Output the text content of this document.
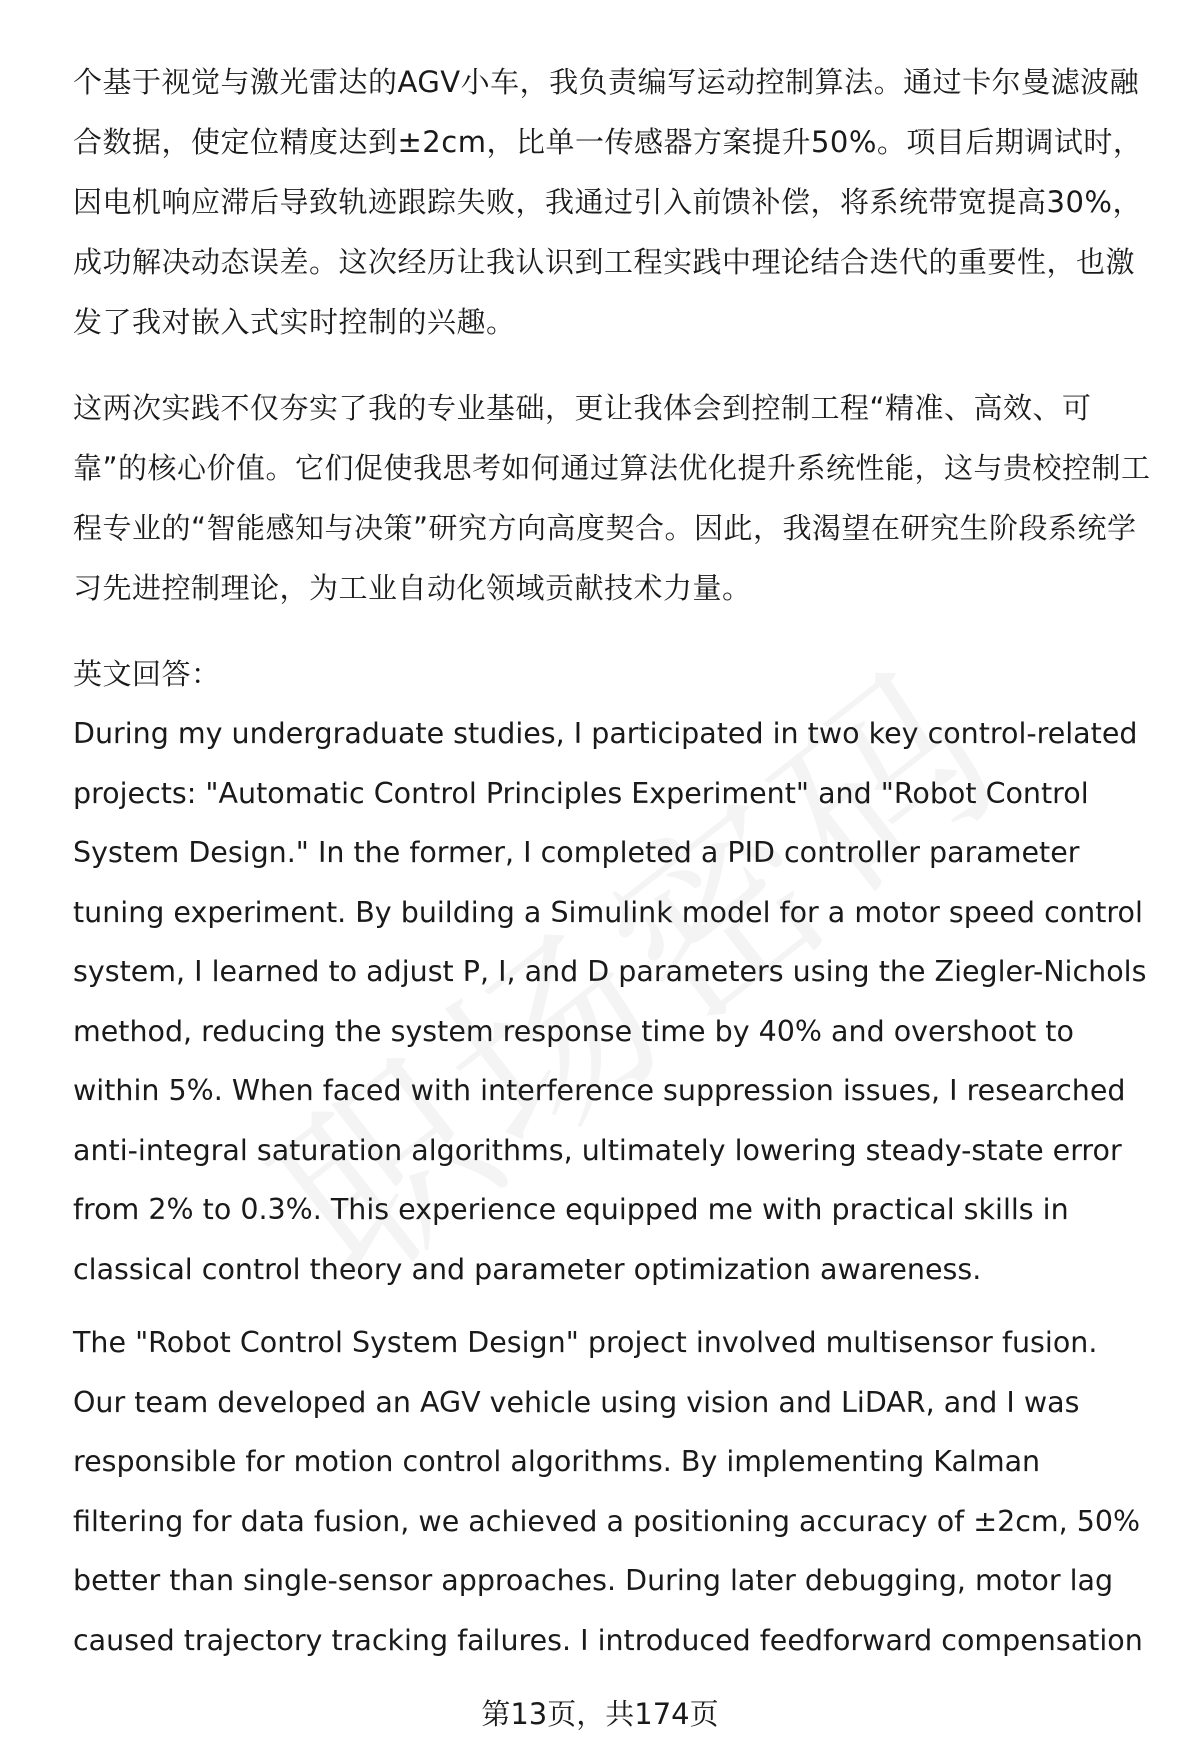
个基于视觉与激光雷达的AGV小车，我负责编写运动控制算法。通过卡尔曼滤波融合数据，使定位精度达到±2cm，比单一传感器方案提升50%。项目后期调试时，因电机响应滞后导致轨迹跟踪失败，我通过引入前馈补偿，将系统带宽提高30%，成功解决动态误差。这次经历让我认识到工程实践中理论结合迭代的重要性，也激发了我对嵌入式实时控制的兴趣。

这两次实践不仅夯实了我的专业基础，更让我体会到控制工程“精准、高效、可靠”的核心价值。它们促使我思考如何通过算法优化提升系统性能，这与贵校控制工程专业的“智能感知与决策”研究方向高度契合。因此，我渴望在研究生阶段系统学习先进控制理论，为工业自动化领域贡献技术力量。

英文回答：

During my undergraduate studies, I participated in two key control-related projects: "Automatic Control Principles Experiment" and "Robot Control System Design." In the former, I completed a PID controller parameter tuning experiment. By building a Simulink model for a motor speed control system, I learned to adjust P, I, and D parameters using the Ziegler-Nichols method, reducing the system response time by 40% and overshoot to within 5%. When faced with interference suppression issues, I researched anti-integral saturation algorithms, ultimately lowering steady-state error from 2% to 0.3%. This experience equipped me with practical skills in classical control theory and parameter optimization awareness.

The "Robot Control System Design" project involved multisensor fusion. Our team developed an AGV vehicle using vision and LiDAR, and I was responsible for motion control algorithms. By implementing Kalman filtering for data fusion, we achieved a positioning accuracy of ±2cm, 50% better than single-sensor approaches. During later debugging, motor lag caused trajectory tracking failures. I introduced feedforward compensation

第13页，共174页
